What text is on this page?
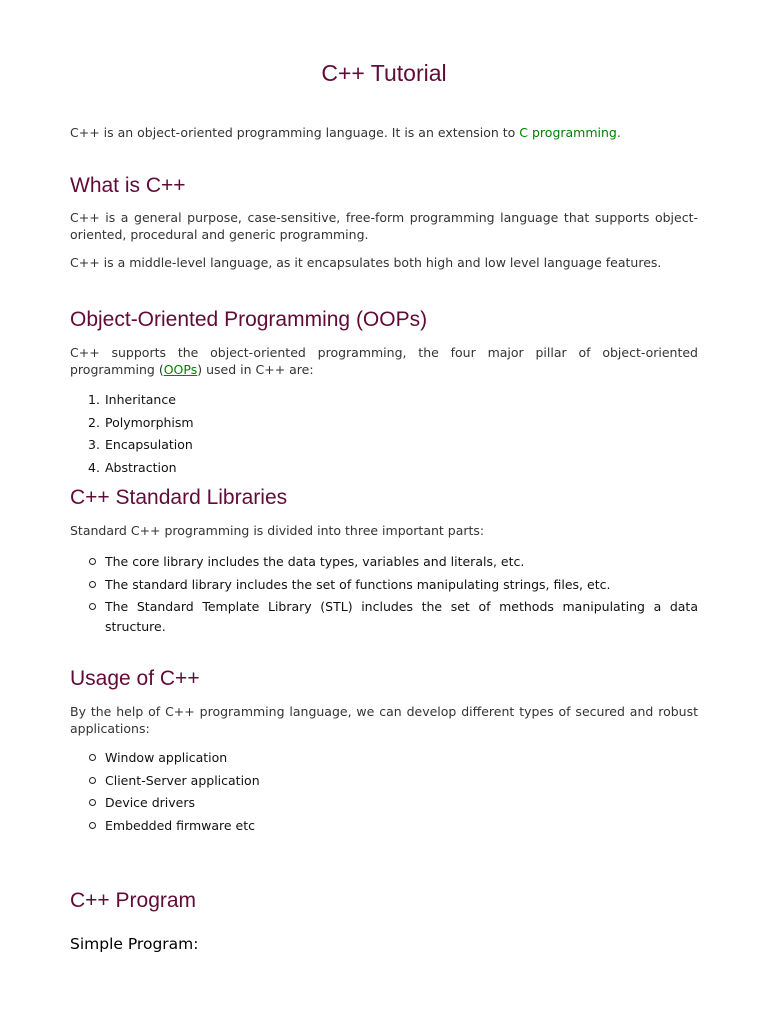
C++ Tutorial

C++ is an object-oriented programming language. It is an extension to C programming.

What is C++

C++ is a general purpose, case-sensitive, free-form programming language that supports object-oriented, procedural and generic programming.

C++ is a middle-level language, as it encapsulates both high and low level language features.

Object-Oriented Programming (OOPs)

C++ supports the object-oriented programming, the four major pillar of object-oriented programming (OOPs) used in C++ are:

1. Inheritance
2. Polymorphism
3. Encapsulation
4. Abstraction
C++ Standard Libraries

Standard C++ programming is divided into three important parts:

The core library includes the data types, variables and literals, etc.
The standard library includes the set of functions manipulating strings, files, etc.
The Standard Template Library (STL) includes the set of methods manipulating a data structure.
Usage of C++

By the help of C++ programming language, we can develop different types of secured and robust applications:

Window application
Client-Server application
Device drivers
Embedded firmware etc
C++ Program
Simple Program:
